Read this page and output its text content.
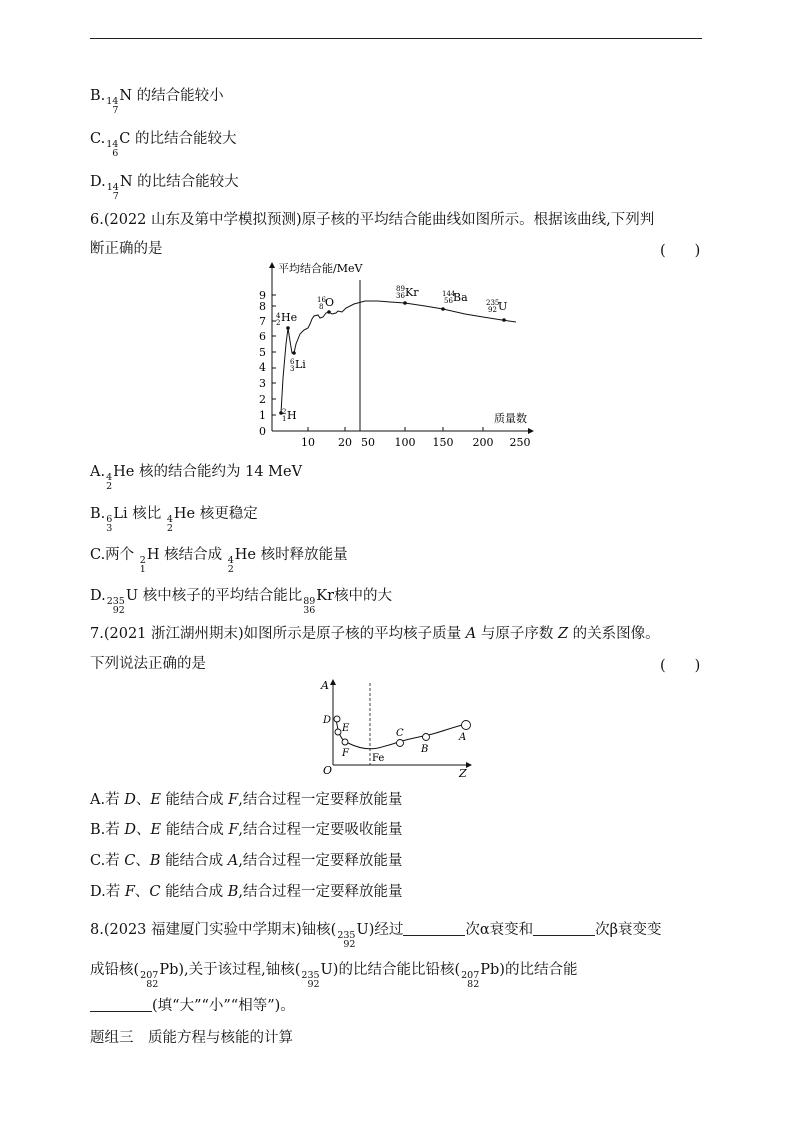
B. 14
7
N 的结合能较小
C. 14
6
C 的比结合能较大
D. 14
7
N 的比结合能较大
6.(2022 山东及第中学模拟预测)原子核的平均结合能曲线如图所示。根据该曲线,下列判
断正确的是	(　　)
平均结合能/MeV
质量数
0
1
2
3
4
5
6
7
8
9
10 20 50 100 150 200 250
4
2 He
6
3 Li
2
1 H
16
8 O
89
36 Kr	144
56 Ba	235
92 U
A. 4
2
He 核的结合能约为 14 MeV
B. 6
3
Li 核比 4
2
He 核更稳定
C.两个 2
1
H 核结合成 4
2
He 核时释放能量
D. 235
92
U 核中核子的平均结合能比 89
36
Kr核中的大
7.(2021 浙江湖州期末)如图所示是原子核的平均核子质量 A 与原子序数 Z 的关系图像。
下列说法正确的是	(　　)
A
Z
O
Fe
D
E
F
C
B
A
A.若 D、E 能结合成 F,结合过程一定要释放能量
B.若 D、E 能结合成 F,结合过程一定要吸收能量
C.若 C、B 能结合成 A,结合过程一定要释放能量
D.若 F、C 能结合成 B,结合过程一定要释放能量
8.(2023 福建厦门实验中学期末)铀核( 235
92
U)经过	次α衰变和	次β衰变变
成铅核( 207
82
Pb),关于该过程,铀核( 235
92
U)的比结合能比铅核( 207
82
Pb)的比结合能
(填“大”“小”“相等”)。
题组三　质能方程与核能的计算
